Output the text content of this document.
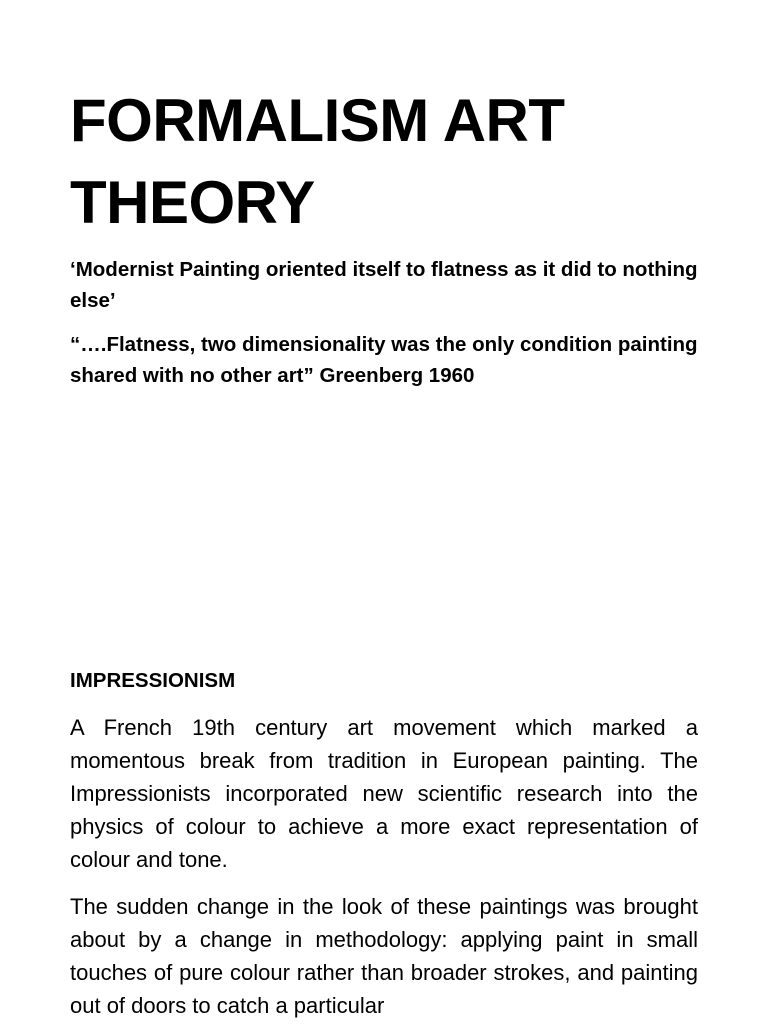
FORMALISM ART
THEORY

‘Modernist Painting oriented itself to flatness as it did to nothing else’

“….Flatness, two dimensionality was the only condition painting shared with no other art” Greenberg 1960

IMPRESSIONISM

A French 19th century art movement which marked a momentous break from tradition in European painting. The Impressionists incorporated new scientific research into the physics of colour to achieve a more exact representation of colour and tone.

The sudden change in the look of these paintings was brought about by a change in methodology: applying paint in small touches of pure colour rather than broader strokes, and painting out of doors to catch a particular
